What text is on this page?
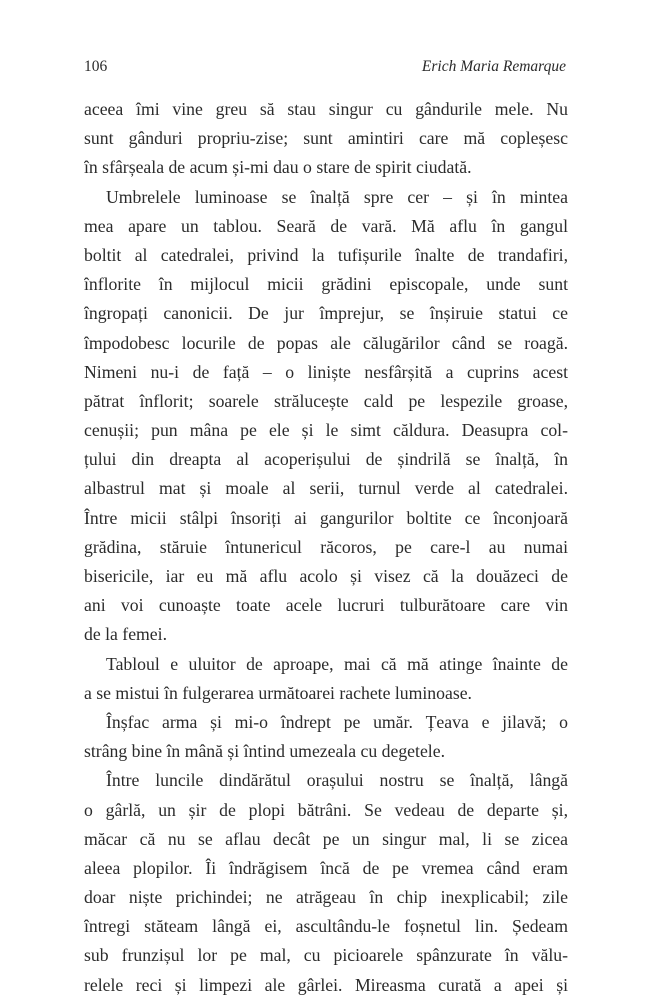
106	Erich Maria Remarque
aceea îmi vine greu să stau singur cu gândurile mele. Nu
sunt gânduri propriu-zise; sunt amintiri care mă copleșesc
în sfârșeala de acum și-mi dau o stare de spirit ciudată.
Umbrelele luminoase se înalță spre cer – și în mintea
mea apare un tablou. Seară de vară. Mă aflu în gangul
boltit al catedralei, privind la tufișurile înalte de trandafiri,
înflorite în mijlocul micii grădini episcopale, unde sunt
îngropați canonicii. De jur împrejur, se înșiruie statui ce
împodobesc locurile de popas ale călugărilor când se roagă.
Nimeni nu-i de față – o liniște nesfârșită a cuprins acest
pătrat înflorit; soarele strălucește cald pe lespezile groase,
cenușii; pun mâna pe ele și le simt căldura. Deasupra col-
țului din dreapta al acoperișului de șindrilă se înalță, în
albastrul mat și moale al serii, turnul verde al catedralei.
Între micii stâlpi însoriți ai gangurilor boltite ce înconjoară
grădina, stăruie întunericul răcoros, pe care-l au numai
bisericile, iar eu mă aflu acolo și visez că la douăzeci de
ani voi cunoaște toate acele lucruri tulburătoare care vin
de la femei.
Tabloul e uluitor de aproape, mai că mă atinge înainte de
a se mistui în fulgerarea următoarei rachete luminoase.
Înșfac arma și mi-o îndrept pe umăr. Țeava e jilavă; o
strâng bine în mână și întind umezeala cu degetele.
Între luncile dindărătul orașului nostru se înalță, lângă
o gârlă, un șir de plopi bătrâni. Se vedeau de departe și,
măcar că nu se aflau decât pe un singur mal, li se zicea
aleea plopilor. Îi îndrăgisem încă de pe vremea când eram
doar niște prichindei; ne atrăgeau în chip inexplicabil; zile
întregi stăteam lângă ei, ascultându-le foșnetul lin. Ședeam
sub frunzișul lor pe mal, cu picioarele spânzurate în vălu-
relele reci și limpezi ale gârlei. Mireasma curată a apei și
